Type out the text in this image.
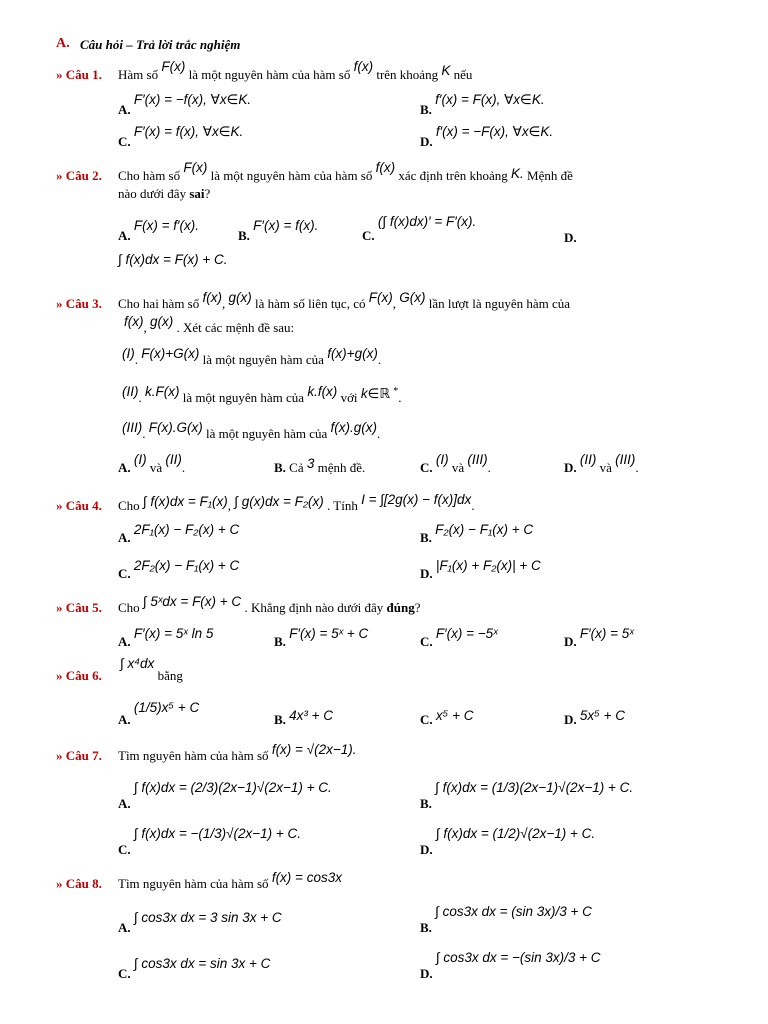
A. Câu hỏi – Trả lời trắc nghiệm
» Câu 1. Hàm số F(x) là một nguyên hàm của hàm số f(x) trên khoảng K nếu
A. F′(x) = −f(x), ∀x∈K.
B. f′(x) = F(x), ∀x∈K.
C. F′(x) = f(x), ∀x∈K.
D. f′(x) = −F(x), ∀x∈K.
» Câu 2. Cho hàm số F(x) là một nguyên hàm của hàm số f(x) xác định trên khoảng K. Mệnh đề
nào dưới đây sai?
A. F(x) = f′(x).
B. F′(x) = f(x).
C. (∫ f(x)dx)′ = F′(x).
D.
∫ f(x)dx = F(x) + C.
» Câu 3. Cho hai hàm số f(x), g(x) là hàm số liên tục, có F(x), G(x) lần lượt là nguyên hàm của
f(x), g(x) . Xét các mệnh đề sau:
(I). F(x)+G(x) là một nguyên hàm của f(x)+g(x).
(II). k.F(x) là một nguyên hàm của k.f(x) với k∈ℝ *.
(III). F(x).G(x) là một nguyên hàm của f(x).g(x).
A. (I) và (II).	B. Cả 3 mệnh đề.	C. (I) và (III).	D. (II) và (III).
» Câu 4. Cho ∫ f(x)dx = F₁(x), ∫ g(x)dx = F₂(x) . Tính I = ∫[2g(x) − f(x)]dx.
A. 2F₁(x) − F₂(x) + C
B. F₂(x) − F₁(x) + C
C. 2F₂(x) − F₁(x) + C
D. |F₁(x) + F₂(x)| + C
» Câu 5. Cho ∫ 5ˣdx = F(x) + C . Khẳng định nào dưới đây đúng?
A. F′(x) = 5ˣ ln 5
B. F′(x) = 5ˣ + C
C. F′(x) = −5ˣ
D. F′(x) = 5ˣ
» Câu 6.
∫ x⁴dx bằng
A. (1/5)x⁵ + C
B. 4x³ + C	C. x⁵ + C	D. 5x⁵ + C
» Câu 7. Tìm nguyên hàm của hàm số f(x) = √(2x−1).
A. ∫ f(x)dx = (2/3)(2x−1)√(2x−1) + C.
B. ∫ f(x)dx = (1/3)(2x−1)√(2x−1) + C.
C. ∫ f(x)dx = −(1/3)√(2x−1) + C.
D. ∫ f(x)dx = (1/2)√(2x−1) + C.
» Câu 8. Tìm nguyên hàm của hàm số f(x) = cos3x
A. ∫ cos3x dx = 3 sin 3x + C
B. ∫ cos3x dx = (sin 3x)/3 + C
C. ∫ cos3x dx = sin 3x + C
D. ∫ cos3x dx = −(sin 3x)/3 + C
